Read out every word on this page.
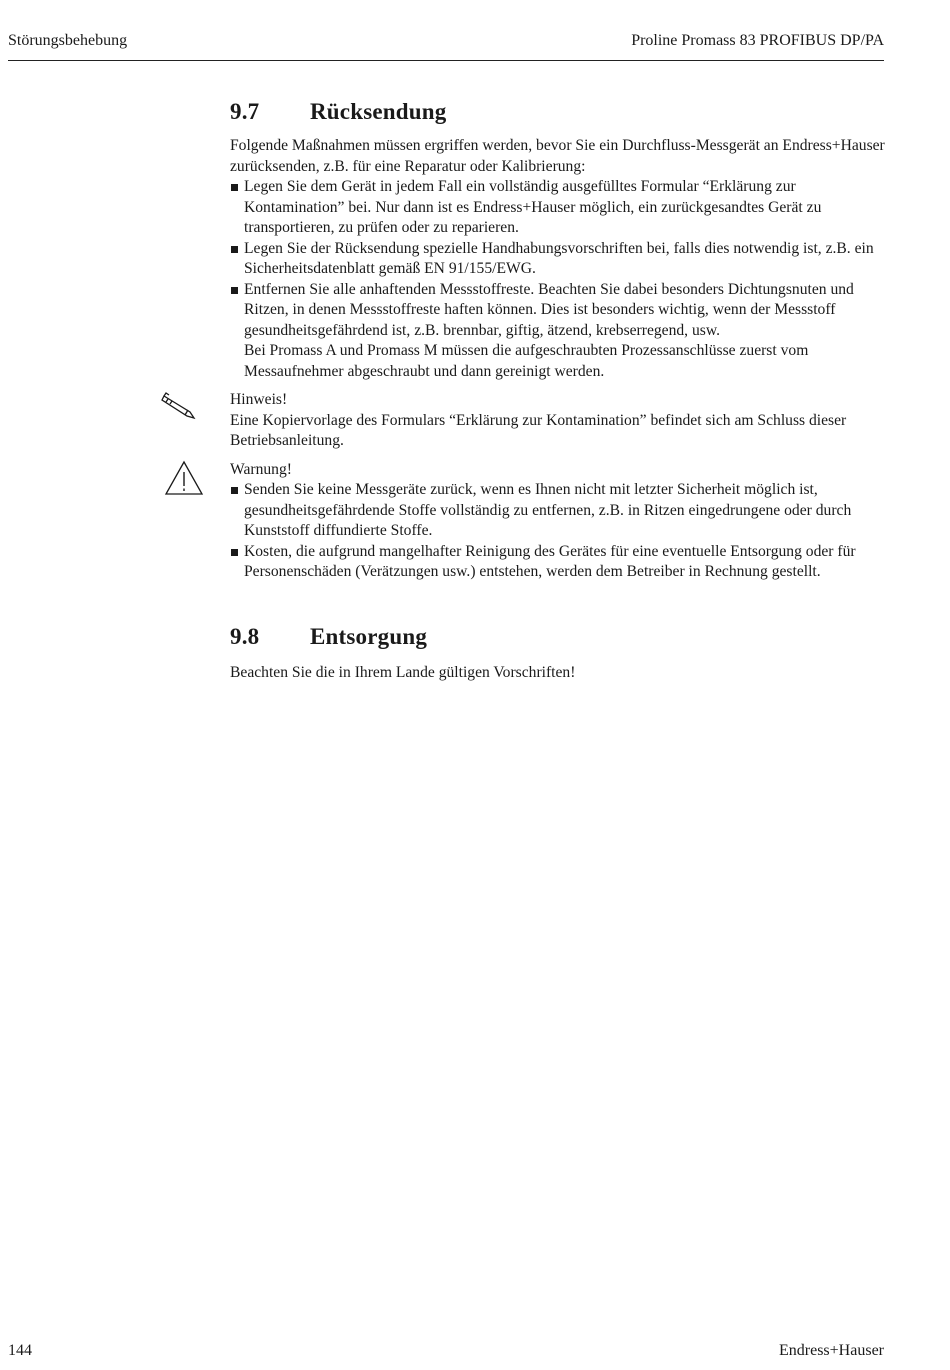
Störungsbehebung	Proline Promass 83 PROFIBUS DP/PA
9.7 Rücksendung

Folgende Maßnahmen müssen ergriffen werden, bevor Sie ein Durchfluss-Messgerät an Endress+Hauser zurücksenden, z.B. für eine Reparatur oder Kalibrierung:

Legen Sie dem Gerät in jedem Fall ein vollständig ausgefülltes Formular “Erklärung zur Kontamination” bei. Nur dann ist es Endress+Hauser möglich, ein zurückgesandtes Gerät zu transportieren, zu prüfen oder zu reparieren.
Legen Sie der Rücksendung spezielle Handhabungsvorschriften bei, falls dies notwendig ist, z.B. ein Sicherheitsdatenblatt gemäß EN 91/155/EWG.
Entfernen Sie alle anhaftenden Messstoffreste. Beachten Sie dabei besonders Dichtungsnuten und Ritzen, in denen Messstoffreste haften können. Dies ist besonders wichtig, wenn der Messstoff gesundheitsgefährdend ist, z.B. brennbar, giftig, ätzend, krebserregend, usw.
Bei Promass A und Promass M müssen die aufgeschraubten Prozessanschlüsse zuerst vom Messaufnehmer abgeschraubt und dann gereinigt werden.

Hinweis!

Eine Kopiervorlage des Formulars “Erklärung zur Kontamination” befindet sich am Schluss dieser Betriebsanleitung.

Warnung!

Senden Sie keine Messgeräte zurück, wenn es Ihnen nicht mit letzter Sicherheit möglich ist, gesundheitsgefährdende Stoffe vollständig zu entfernen, z.B. in Ritzen eingedrungene oder durch Kunststoff diffundierte Stoffe.
Kosten, die aufgrund mangelhafter Reinigung des Gerätes für eine eventuelle Entsorgung oder für Personenschäden (Verätzungen usw.) entstehen, werden dem Betreiber in Rechnung gestellt.
9.8 Entsorgung

Beachten Sie die in Ihrem Lande gültigen Vorschriften!

144	Endress+Hauser
